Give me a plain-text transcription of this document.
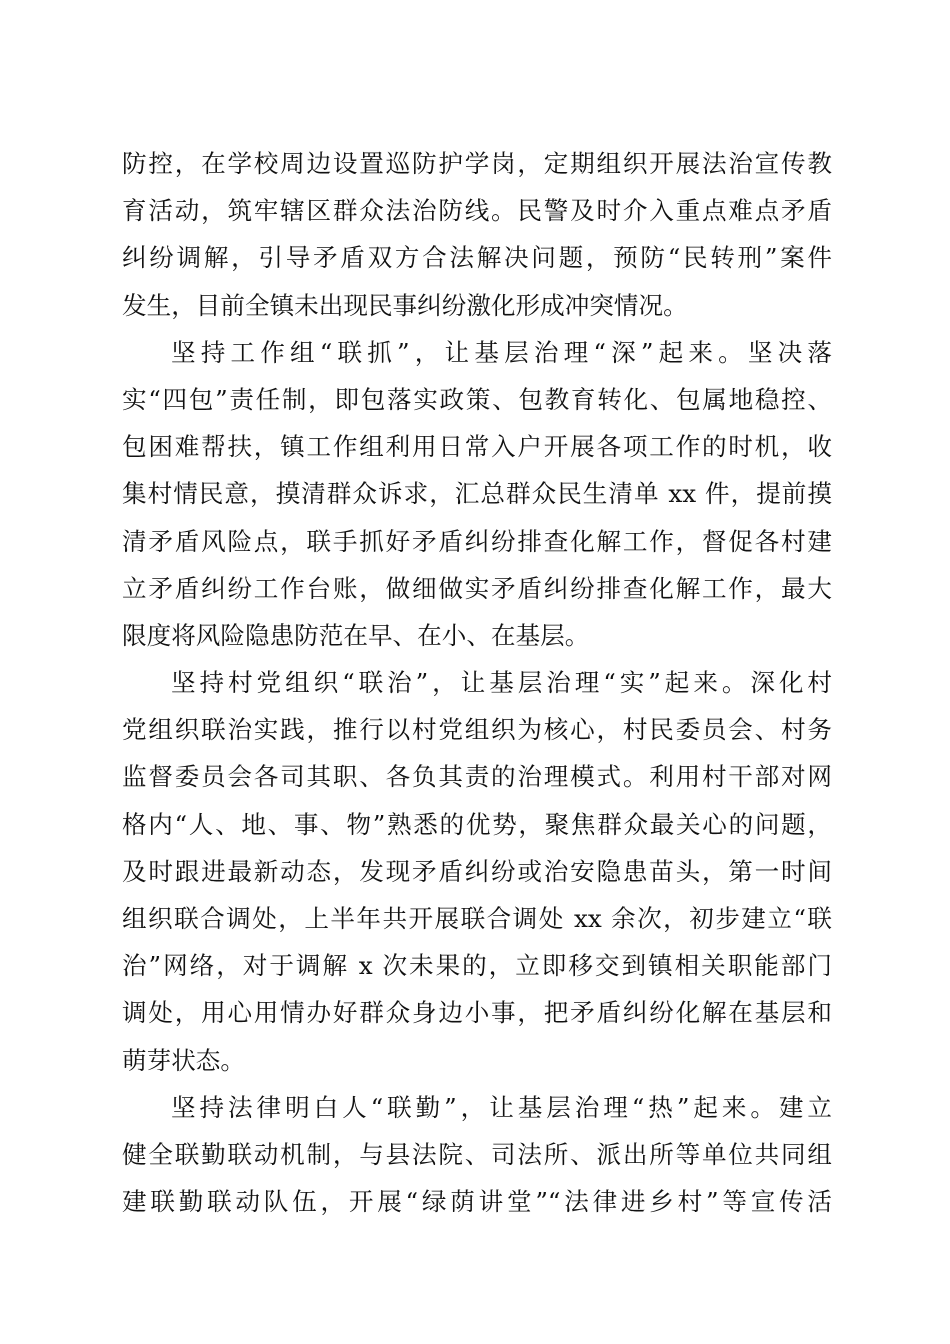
防控，在学校周边设置巡防护学岗，定期组织开展法治宣传教
育活动，筑牢辖区群众法治防线。民警及时介入重点难点矛盾
纠纷调解，引导矛盾双方合法解决问题，预防“民转刑”案件
发生，目前全镇未出现民事纠纷激化形成冲突情况。
坚持工作组“联抓”，让基层治理“深”起来。坚决落
实“四包”责任制，即包落实政策、包教育转化、包属地稳控、
包困难帮扶，镇工作组利用日常入户开展各项工作的时机，收
集村情民意，摸清群众诉求，汇总群众民生清单 xx 件，提前摸
清矛盾风险点，联手抓好矛盾纠纷排查化解工作，督促各村建
立矛盾纠纷工作台账，做细做实矛盾纠纷排查化解工作，最大
限度将风险隐患防范在早、在小、在基层。
坚持村党组织“联治”，让基层治理“实”起来。深化村
党组织联治实践，推行以村党组织为核心，村民委员会、村务
监督委员会各司其职、各负其责的治理模式。利用村干部对网
格内“人、地、事、物”熟悉的优势，聚焦群众最关心的问题，
及时跟进最新动态，发现矛盾纠纷或治安隐患苗头，第一时间
组织联合调处，上半年共开展联合调处 xx 余次，初步建立“联
治”网络，对于调解 x 次未果的，立即移交到镇相关职能部门
调处，用心用情办好群众身边小事，把矛盾纠纷化解在基层和
萌芽状态。
坚持法律明白人“联勤”，让基层治理“热”起来。建立
健全联勤联动机制，与县法院、司法所、派出所等单位共同组
建联勤联动队伍，开展“绿荫讲堂”“法律进乡村”等宣传活
